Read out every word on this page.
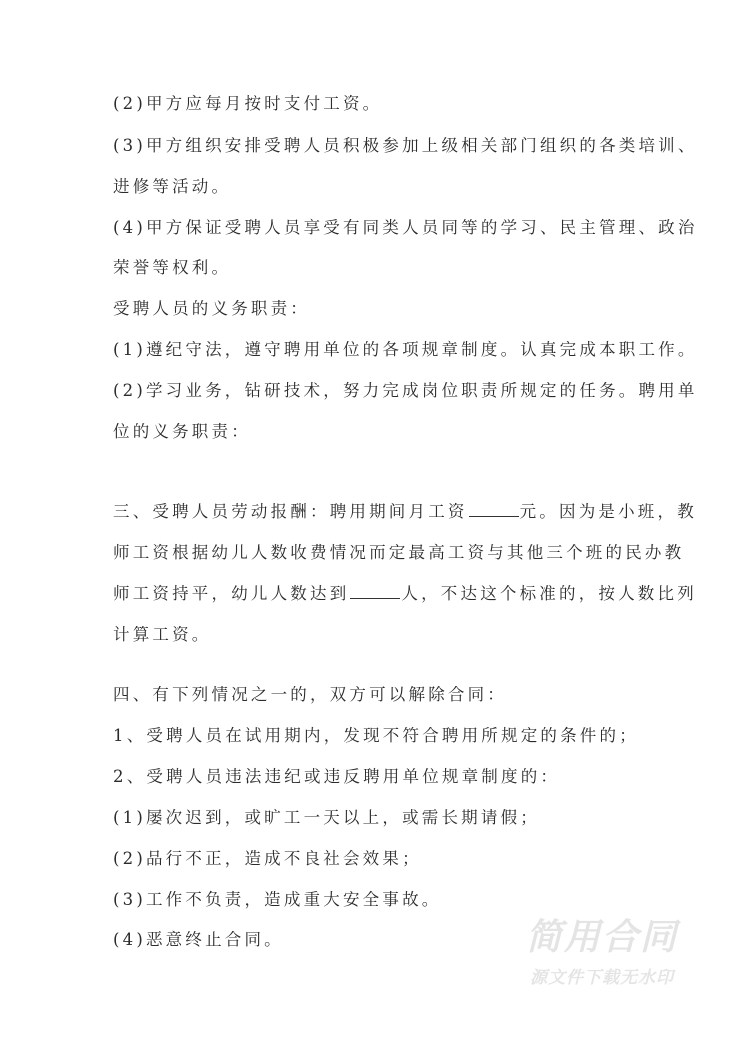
(2)甲方应每月按时支付工资。
(3)甲方组织安排受聘人员积极参加上级相关部门组织的各类培训、
进修等活动。
(4)甲方保证受聘人员享受有同类人员同等的学习、民主管理、政治
荣誉等权利。
受聘人员的义务职责：
(1)遵纪守法，遵守聘用单位的各项规章制度。认真完成本职工作。
(2)学习业务，钻研技术，努力完成岗位职责所规定的任务。聘用单
位的义务职责：
三、受聘人员劳动报酬：聘用期间月工资	元。因为是小班，教
师工资根据幼儿人数收费情况而定最高工资与其他三个班的民办教
师工资持平，幼儿人数达到	人，不达这个标准的，按人数比列
计算工资。
四、有下列情况之一的，双方可以解除合同：
1、受聘人员在试用期内，发现不符合聘用所规定的条件的；
2、受聘人员违法违纪或违反聘用单位规章制度的：
(1)屡次迟到，或旷工一天以上，或需长期请假；
(2)品行不正，造成不良社会效果；
(3)工作不负责，造成重大安全事故。
(4)恶意终止合同。	简用合同
源文件下载无水印
